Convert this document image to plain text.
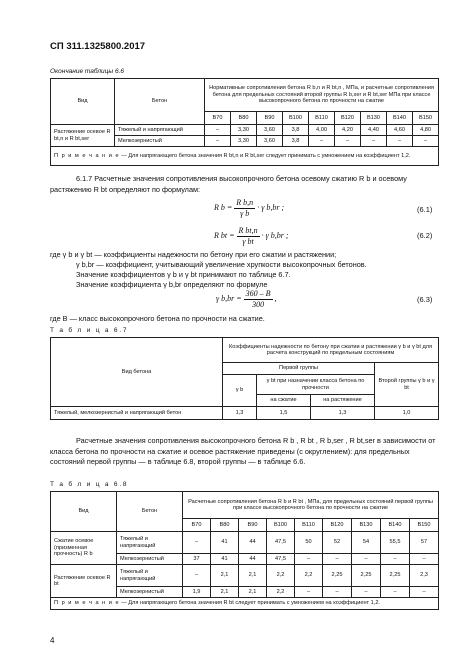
СП 311.1325800.2017
Окончание таблицы 6.6
Вид	Бетон	Нормативные сопротивления бетона R b,n и R bt,n , МПа, и расчетные сопротивления бетона для предельных состояний второй группы R b,ser и R bt,ser МПа при классе высокопрочного бетона по прочности на сжатие								
		В70	В80	В90	В100	В110	В120	В130	В140	В150
Растяжение осевое R bt,n и R bt,ser	Тяжелый и напрягающий	–	3,30	3,60	3,8	4,00	4,20	4,40	4,60	4,80
	Мелкозернистый	–	3,30	3,60	3,8	–	–	–	–	–
П р и м е ч а н и е — Для напрягающего бетона значения R bt,n и R bt,ser следует принимать с умножением на коэффициент 1,2.										
6.1.7 Расчетные значения сопротивления высокопрочного бетона осевому сжатию R b и осевому растяжению R bt определяют по формулам:
R $b = \frac{\text{R b,n}}{\text{γ b}} \cdot \gamma$ b,br ;	(6.1)
R bt = $\frac{\text{R bt,n}}{\text{γ bt}} \cdot \gamma$ b,br ;	(6.2)
где γ b и γ bt — коэффициенты надежности по бетону при его сжатии и растяжении;
γ b,br — коэффициент, учитывающий увеличение хрупкости высокопрочных бетонов.
Значение коэффициентов γ b и γ bt принимают по таблице 6.7.
Значение коэффициента γ b,br определяют по формуле
γ $b,br = \frac{360 - B}{300}$ ,	(6.3)
где B — класс высокопрочного бетона по прочности на сжатие.
Т а б л и ц а 6.7
Вид бетона	Коэффициенты надежности по бетону при сжатии и растяжении γ b и γ bt для расчета конструкций по предельным состояниям			
	Первой группы			Второй группы γ b и γ bt
	γ b	γ bt при назначении класса бетона по прочности		
		на сжатие	на растяжение	
Тяжелый, мелкозернистый и напрягающий бетон	1,3	1,5	1,3	1,0
Расчетные значения сопротивления высокопрочного бетона R b , R bt , R b,ser , R bt,ser в зависимости от класса бетона по прочности на сжатие и осевое растяжение приведены (с округлением): для предельных состояний первой группы — в таблице 6.8, второй группы — в таблице 6.6.
Т а б л и ц а 6.8
Вид	Бетон	Расчетные сопротивления бетона R b и R bt , МПа, для предельных состояний первой группы при классе высокопрочного бетона по прочности на сжатие								
		В70	В80	В90	В100	В110	В120	В130	В140	В150
Сжатие осевое (призменная прочность) R b	Тяжелый и напрягающий	–	41	44	47,5	50	52	54	55,5	57
	Мелкозернистый	37	41	44	47,5	–	–	–	–	–
Растяжение осевое R bt	Тяжелый и напрягающий	–	2,1	2,1	2,2	2,2	2,25	2,25	2,25	2,3
	Мелкозернистый	1,9	2,1	2,1	2,2	–	–	–	–	–
П р и м е ч а н и е — Для напрягающего бетона значения R bt следует принимать с умножением на коэффициент 1,2.										
4
